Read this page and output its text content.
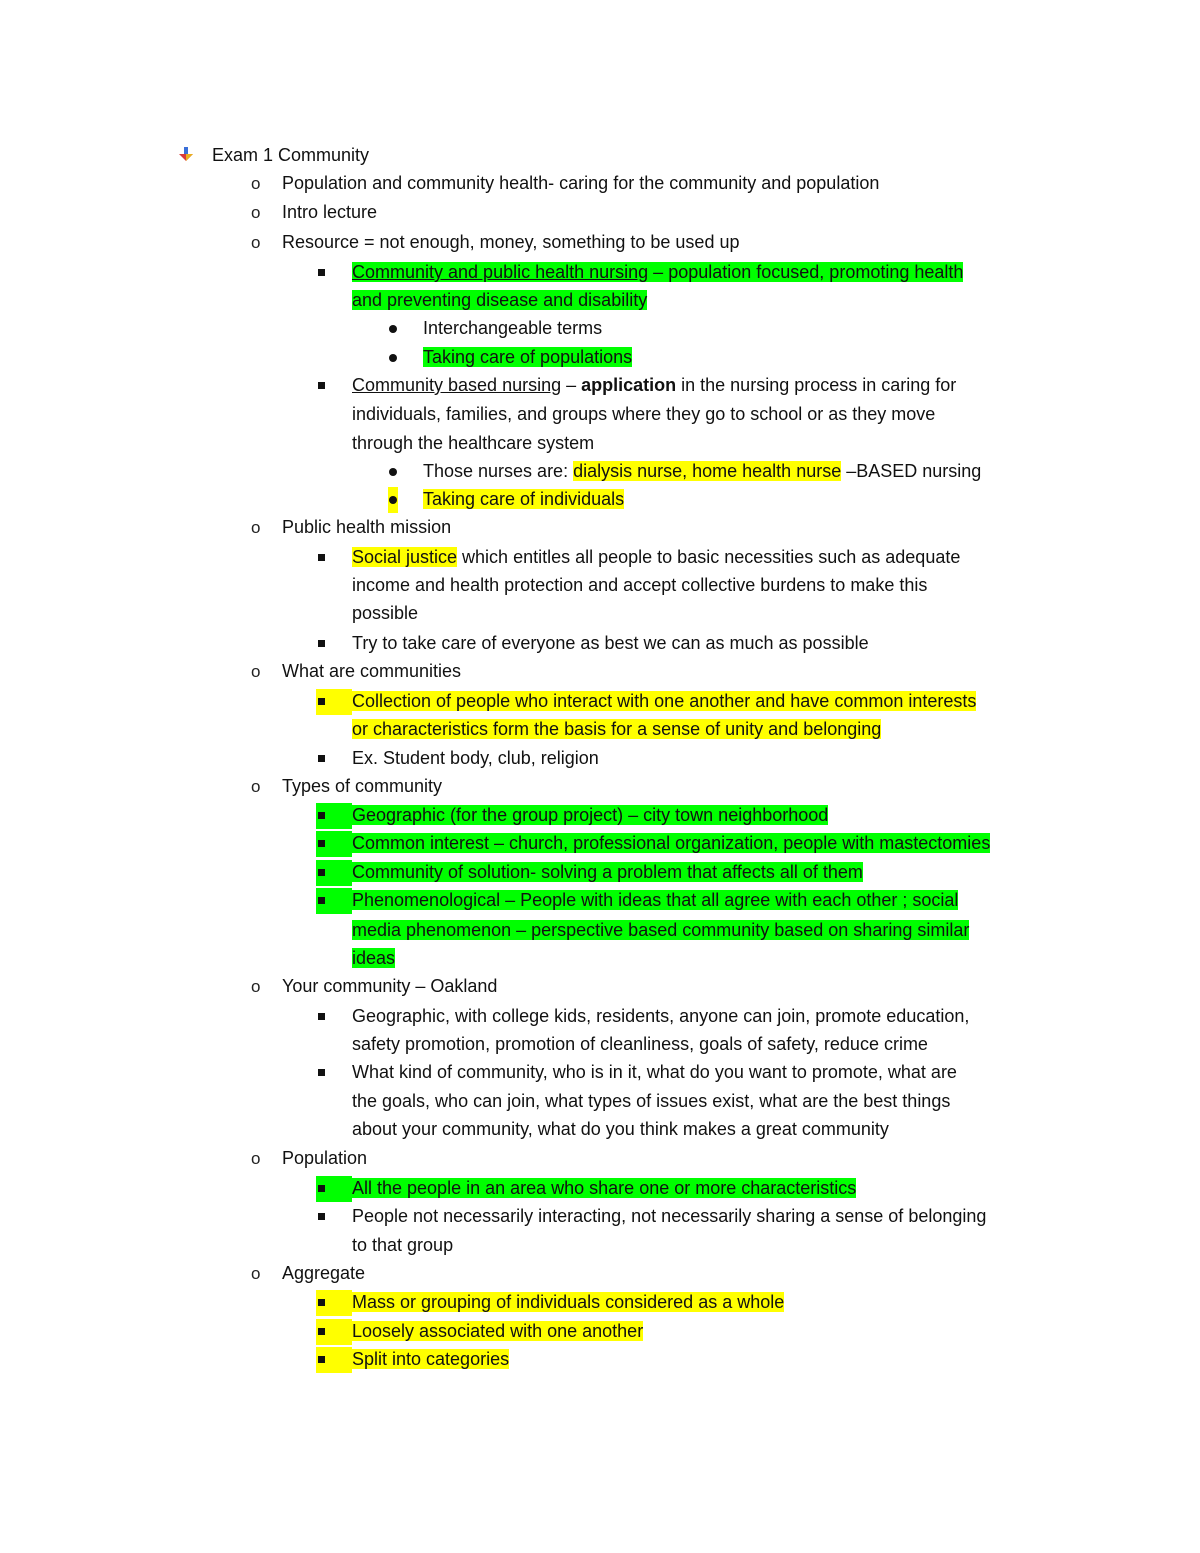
Exam 1 Community
o Population and community health- caring for the community and population
o Intro lecture
o Resource = not enough, money, something to be used up
Community and public health nursing – population focused, promoting health
and preventing disease and disability
Interchangeable terms
Taking care of populations
Community based nursing – application in the nursing process in caring for
individuals, families, and groups where they go to school or as they move
through the healthcare system
Those nurses are: dialysis nurse, home health nurse –BASED nursing
Taking care of individuals
o Public health mission
Social justice which entitles all people to basic necessities such as adequate
income and health protection and accept collective burdens to make this
possible
Try to take care of everyone as best we can as much as possible
o What are communities
Collection of people who interact with one another and have common interests
or characteristics form the basis for a sense of unity and belonging
Ex. Student body, club, religion
o Types of community
Geographic (for the group project) – city town neighborhood
Common interest – church, professional organization, people with mastectomies
Community of solution- solving a problem that affects all of them
Phenomenological – People with ideas that all agree with each other ; social
media phenomenon – perspective based community based on sharing similar
ideas
o Your community – Oakland
Geographic, with college kids, residents, anyone can join, promote education,
safety promotion, promotion of cleanliness, goals of safety, reduce crime
What kind of community, who is in it, what do you want to promote, what are
the goals, who can join, what types of issues exist, what are the best things
about your community, what do you think makes a great community
o Population
All the people in an area who share one or more characteristics
People not necessarily interacting, not necessarily sharing a sense of belonging
to that group
o Aggregate
Mass or grouping of individuals considered as a whole
Loosely associated with one another
Split into categories
